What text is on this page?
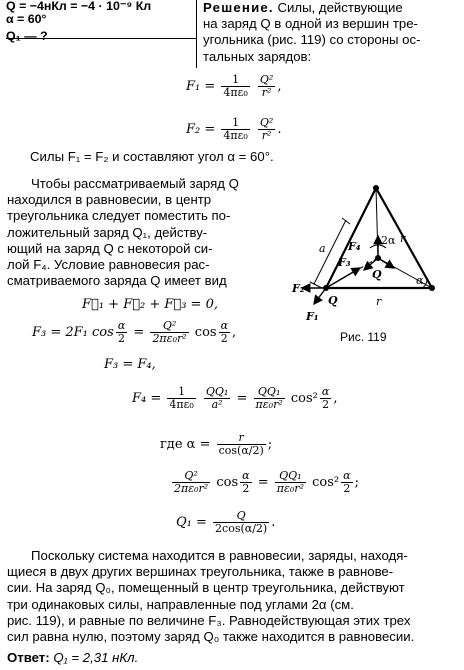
Q = −4нКл = −4 · 10⁻⁹ Кл
α = 60°
Q₁ — ?
Решение. Силы, действующие
на заряд Q в одной из вершин тре-
угольника (рис. 119) со стороны ос-
тальных зарядов:
$F_1 = \frac{1}{\text{4πε₀}}$
$\frac{\text{Q²}}{\text{r²}}$ ,
$F_2 = \frac{1}{\text{4πε₀}}$
$\frac{\text{Q²}}{\text{r²}}$ .
Силы F₁ = F₂ и составляют угол α = 60°.
Чтобы рассматриваемый заряд Q
находился в равновесии, в центр
треугольника следует поместить по-
ложительный заряд Q₁, действу-
ющий на заряд Q с некоторой си-
лой F₄. Условие равновесия рас-
сматриваемого заряда Q имеет вид
a
r
r
2α
α
Q
Q
F₂
F₁
F₃
F₄
Рис. 119
F⃗₁ + F⃗₂ + F⃗₃ = 0,
F₃ = 2F₁ $\cos \frac{\alpha}{2} = \frac{\text{Q²}}{\text{2πε₀r²}}$ $\cos \frac{\alpha}{2}$ ,
F₃ = F₄,
$F_4 = \frac{1}{\text{4πε₀}}$
$\frac{\text{QQ₁}}{\text{a²}} = \frac{\text{QQ₁}}{\text{πε₀r²}} \cos^2 \frac{\alpha}{2}$ ,
где $\alpha = \frac{r}{\cos(\alpha/2)}$ ;
$\frac{\text{Q²}}{\text{2πε₀r²}}$ $\cos \frac{\alpha}{2} = \frac{\text{QQ₁}}{\text{πε₀r²}} \cos^2 \frac{\alpha}{2}$ ;
$Q_1 = \frac{Q}{2\cos(\alpha/2)}$ .
Поскольку система находится в равновесии, заряды, находя-
щиеся в двух других вершинах треугольника, также в равнове-
сии. На заряд Q₀, помещенный в центр треугольника, действуют
три одинаковых силы, направленные под углами 2α (см.
рис. 119), и равные по величине F₃. Равнодействующая этих трех
сил равна нулю, поэтому заряд Q₀ также находится в равновесии.
Ответ: Q₁ = 2,31 нКл.
